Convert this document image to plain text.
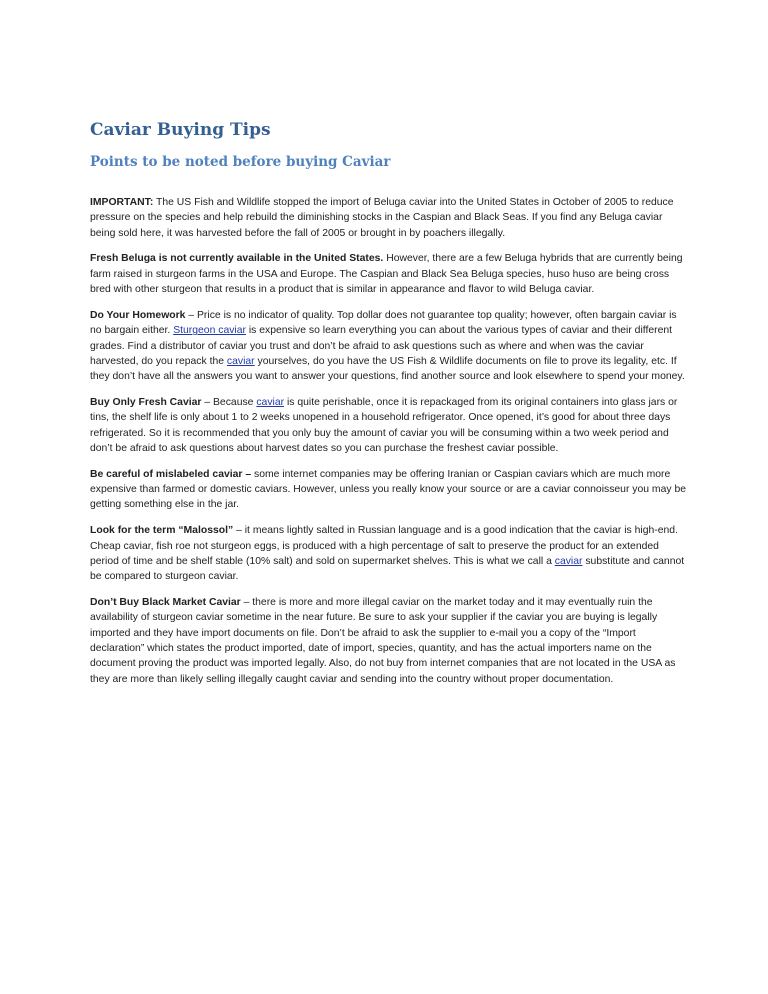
Caviar Buying Tips
Points to be noted before buying Caviar

IMPORTANT: The US Fish and Wildlife stopped the import of Beluga caviar into the United States in October of 2005 to reduce pressure on the species and help rebuild the diminishing stocks in the Caspian and Black Seas. If you find any Beluga caviar being sold here, it was harvested before the fall of 2005 or brought in by poachers illegally.

Fresh Beluga is not currently available in the United States. However, there are a few Beluga hybrids that are currently being farm raised in sturgeon farms in the USA and Europe. The Caspian and Black Sea Beluga species, huso huso are being cross bred with other sturgeon that results in a product that is similar in appearance and flavor to wild Beluga caviar.

Do Your Homework – Price is no indicator of quality. Top dollar does not guarantee top quality; however, often bargain caviar is no bargain either. Sturgeon caviar is expensive so learn everything you can about the various types of caviar and their different grades. Find a distributor of caviar you trust and don’t be afraid to ask questions such as where and when was the caviar harvested, do you repack the caviar yourselves, do you have the US Fish & Wildlife documents on file to prove its legality, etc. If they don’t have all the answers you want to answer your questions, find another source and look elsewhere to spend your money.

Buy Only Fresh Caviar – Because caviar is quite perishable, once it is repackaged from its original containers into glass jars or tins, the shelf life is only about 1 to 2 weeks unopened in a household refrigerator. Once opened, it’s good for about three days refrigerated. So it is recommended that you only buy the amount of caviar you will be consuming within a two week period and don’t be afraid to ask questions about harvest dates so you can purchase the freshest caviar possible.

Be careful of mislabeled caviar – some internet companies may be offering Iranian or Caspian caviars which are much more expensive than farmed or domestic caviars. However, unless you really know your source or are a caviar connoisseur you may be getting something else in the jar.

Look for the term “Malossol” – it means lightly salted in Russian language and is a good indication that the caviar is high-end. Cheap caviar, fish roe not sturgeon eggs, is produced with a high percentage of salt to preserve the product for an extended period of time and be shelf stable (10% salt) and sold on supermarket shelves. This is what we call a caviar substitute and cannot be compared to sturgeon caviar.

Don’t Buy Black Market Caviar – there is more and more illegal caviar on the market today and it may eventually ruin the availability of sturgeon caviar sometime in the near future. Be sure to ask your supplier if the caviar you are buying is legally imported and they have import documents on file. Don’t be afraid to ask the supplier to e-mail you a copy of the “Import declaration” which states the product imported, date of import, species, quantity, and has the actual importers name on the document proving the product was imported legally. Also, do not buy from internet companies that are not located in the USA as they are more than likely selling illegally caught caviar and sending into the country without proper documentation.
